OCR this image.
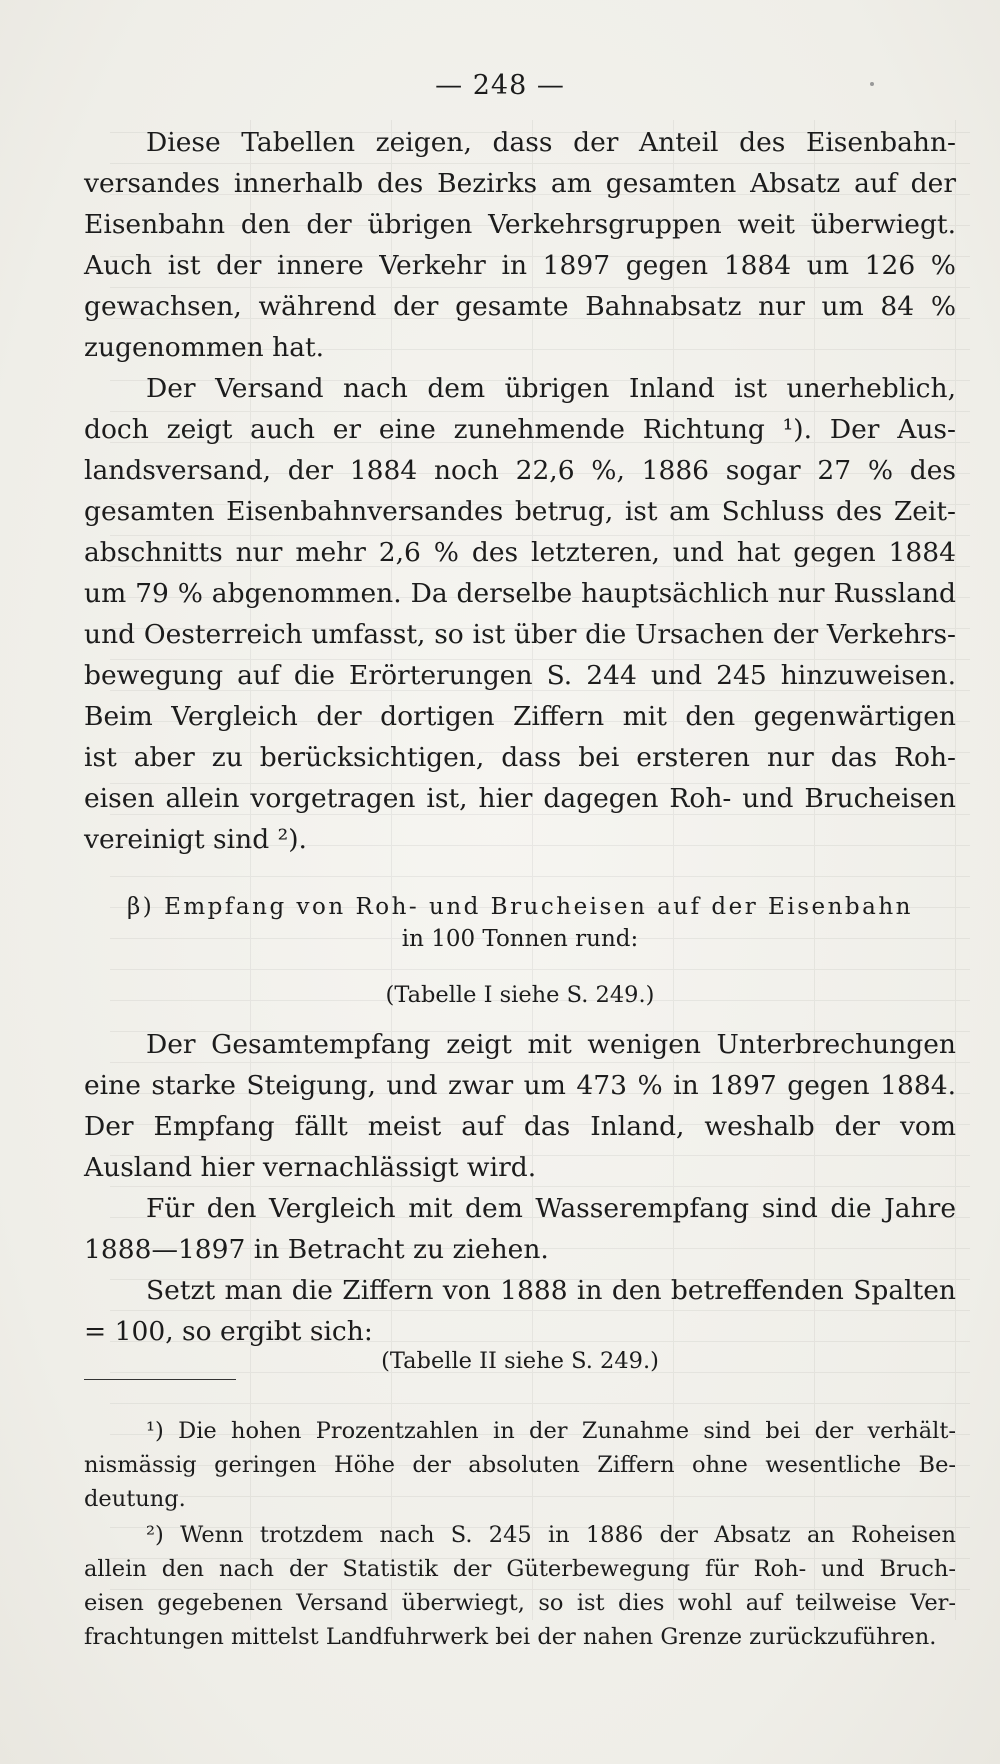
— 248 —
Diese Tabellen zeigen, dass der Anteil des Eisenbahn-
versandes innerhalb des Bezirks am gesamten Absatz auf der
Eisenbahn den der übrigen Verkehrsgruppen weit überwiegt.
Auch ist der innere Verkehr in 1897 gegen 1884 um 126 %
gewachsen, während der gesamte Bahnabsatz nur um 84 %
zugenommen hat.
Der Versand nach dem übrigen Inland ist unerheblich,
doch zeigt auch er eine zunehmende Richtung ¹). Der Aus-
landsversand, der 1884 noch 22,6 %, 1886 sogar 27 % des
gesamten Eisenbahnversandes betrug, ist am Schluss des Zeit-
abschnitts nur mehr 2,6 % des letzteren, und hat gegen 1884
um 79 % abgenommen. Da derselbe hauptsächlich nur Russland
und Oesterreich umfasst, so ist über die Ursachen der Verkehrs-
bewegung auf die Erörterungen S. 244 und 245 hinzuweisen.
Beim Vergleich der dortigen Ziffern mit den gegenwärtigen
ist aber zu berücksichtigen, dass bei ersteren nur das Roh-
eisen allein vorgetragen ist, hier dagegen Roh- und Brucheisen
vereinigt sind ²).
β) Empfang von Roh- und Brucheisen auf der Eisenbahn
in 100 Tonnen rund:
(Tabelle I siehe S. 249.)
Der Gesamtempfang zeigt mit wenigen Unterbrechungen
eine starke Steigung, und zwar um 473 % in 1897 gegen 1884.
Der Empfang fällt meist auf das Inland, weshalb der vom
Ausland hier vernachlässigt wird.
Für den Vergleich mit dem Wasserempfang sind die Jahre
1888—1897 in Betracht zu ziehen.
Setzt man die Ziffern von 1888 in den betreffenden Spalten
= 100, so ergibt sich:
(Tabelle II siehe S. 249.)
¹) Die hohen Prozentzahlen in der Zunahme sind bei der verhält-
nismässig geringen Höhe der absoluten Ziffern ohne wesentliche Be-
deutung.
²) Wenn trotzdem nach S. 245 in 1886 der Absatz an Roheisen
allein den nach der Statistik der Güterbewegung für Roh- und Bruch-
eisen gegebenen Versand überwiegt, so ist dies wohl auf teilweise Ver-
frachtungen mittelst Landfuhrwerk bei der nahen Grenze zurückzuführen.
